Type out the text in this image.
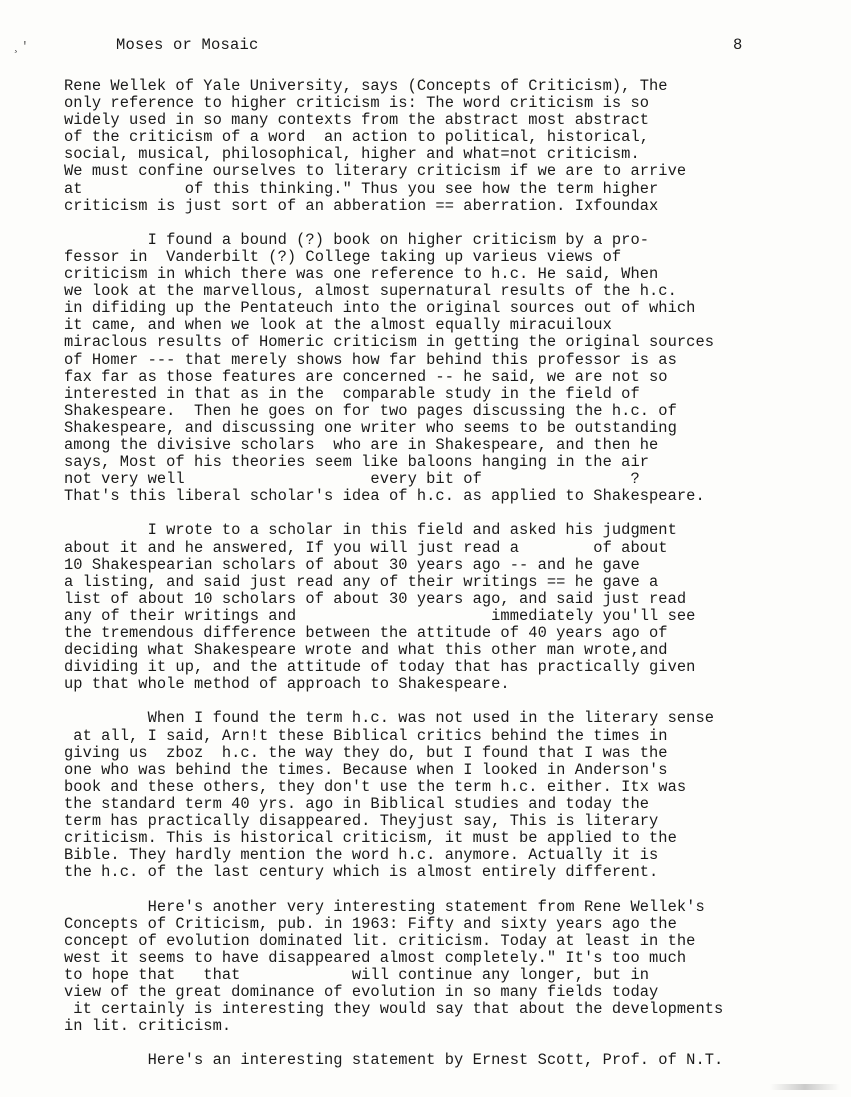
¸′	Moses or Mosaic	8
Rene Wellek of Yale University, says (Concepts of Criticism), The
only reference to higher criticism is: The word criticism is so
widely used in so many contexts from the abstract most abstract
of the criticism of a word  an action to political, historical,
social, musical, philosophical, higher and what=not criticism.
We must confine ourselves to literary criticism if we are to arrive
at           of this thinking." Thus you see how the term higher
criticism is just sort of an abberation == aberration. Ixfoundax
I found a bound (?) book on higher criticism by a pro-
fessor in  Vanderbilt (?) College taking up varieus views of
criticism in which there was one reference to h.c. He said, When
we look at the marvellous, almost supernatural results of the h.c.
in difiding up the Pentateuch into the original sources out of which
it came, and when we look at the almost equally miracuiloux
miraclous results of Homeric criticism in getting the original sources
of Homer --- that merely shows how far behind this professor is as
fax far as those features are concerned -- he said, we are not so
interested in that as in the  comparable study in the field of
Shakespeare.  Then he goes on for two pages discussing the h.c. of
Shakespeare, and discussing one writer who seems to be outstanding
among the divisive scholars  who are in Shakespeare, and then he
says, Most of his theories seem like baloons hanging in the air
not very well                    every bit of                ?
That's this liberal scholar's idea of h.c. as applied to Shakespeare.
I wrote to a scholar in this field and asked his judgment
about it and he answered, If you will just read a        of about
10 Shakespearian scholars of about 30 years ago -- and he gave
a listing, and said just read any of their writings == he gave a
list of about 10 scholars of about 30 years ago, and said just read
any of their writings and                     immediately you'll see
the tremendous difference between the attitude of 40 years ago of
deciding what Shakespeare wrote and what this other man wrote,and
dividing it up, and the attitude of today that has practically given
up that whole method of approach to Shakespeare.
When I found the term h.c. was not used in the literary sense
at all, I said, Arn!t these Biblical critics behind the times in
giving us  zboz  h.c. the way they do, but I found that I was the
one who was behind the times. Because when I looked in Anderson's
book and these others, they don't use the term h.c. either. Itx was
the standard term 40 yrs. ago in Biblical studies and today the
term has practically disappeared. Theyjust say, This is literary
criticism. This is historical criticism, it must be applied to the
Bible. They hardly mention the word h.c. anymore. Actually it is
the h.c. of the last century which is almost entirely different.
Here's another very interesting statement from Rene Wellek's
Concepts of Criticism, pub. in 1963: Fifty and sixty years ago the
concept of evolution dominated lit. criticism. Today at least in the
west it seems to have disappeared almost completely." It's too much
to hope that   that            will continue any longer, but in
view of the great dominance of evolution in so many fields today
it certainly is interesting they would say that about the developments
in lit. criticism.
Here's an interesting statement by Ernest Scott, Prof. of N.T.
